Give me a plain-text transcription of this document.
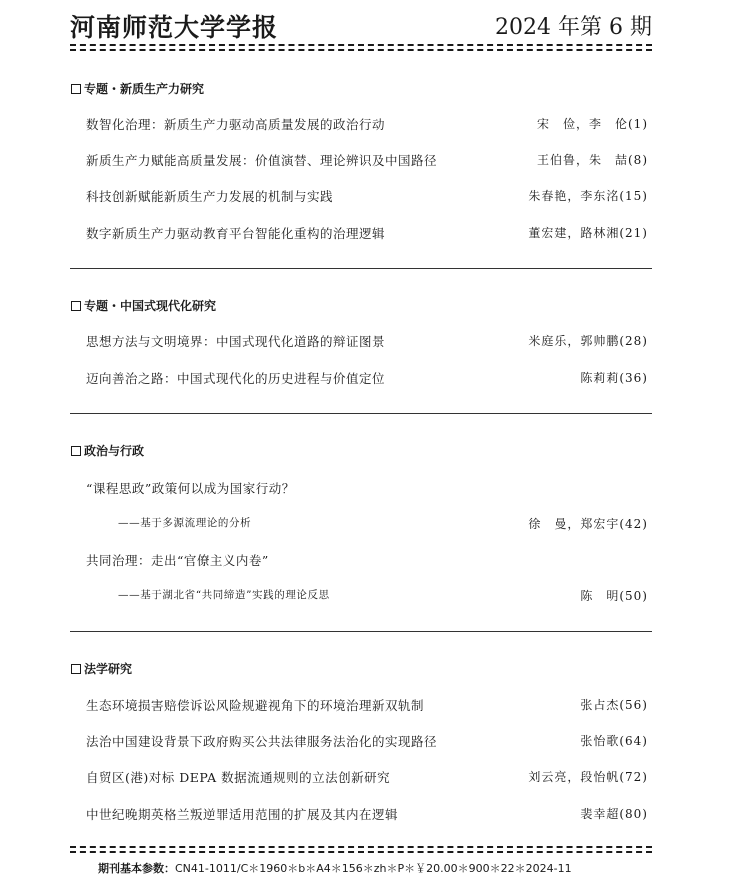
河南师范大学学报	2024 年第 6 期
专题・新质生产力研究
数智化治理：新质生产力驱动高质量发展的政治行动	宋　俭，李　伦(1)
新质生产力赋能高质量发展：价值演替、理论辨识及中国路径	王伯鲁，朱　喆(8)
科技创新赋能新质生产力发展的机制与实践	朱春艳，李东洺(15)
数字新质生产力驱动教育平台智能化重构的治理逻辑	董宏建，路林湘(21)
专题・中国式现代化研究
思想方法与文明境界：中国式现代化道路的辩证图景	米庭乐，郭帅鹏(28)
迈向善治之路：中国式现代化的历史进程与价值定位	陈莉莉(36)
政治与行政
“课程思政”政策何以成为国家行动？
——基于多源流理论的分析	徐　曼，郑宏宇(42)
共同治理：走出“官僚主义内卷”
——基于湖北省“共同缔造”实践的理论反思	陈　明(50)
法学研究
生态环境损害赔偿诉讼风险规避视角下的环境治理新双轨制	张占杰(56)
法治中国建设背景下政府购买公共法律服务法治化的实现路径	张怡歌(64)
自贸区(港)对标 DEPA 数据流通规则的立法创新研究	刘云亮，段怡帆(72)
中世纪晚期英格兰叛逆罪适用范围的扩展及其内在逻辑	裴幸超(80)
期刊基本参数：CN41-1011/C＊1960＊b＊A4＊156＊zh＊P＊￥20.00＊900＊22＊2024-11
